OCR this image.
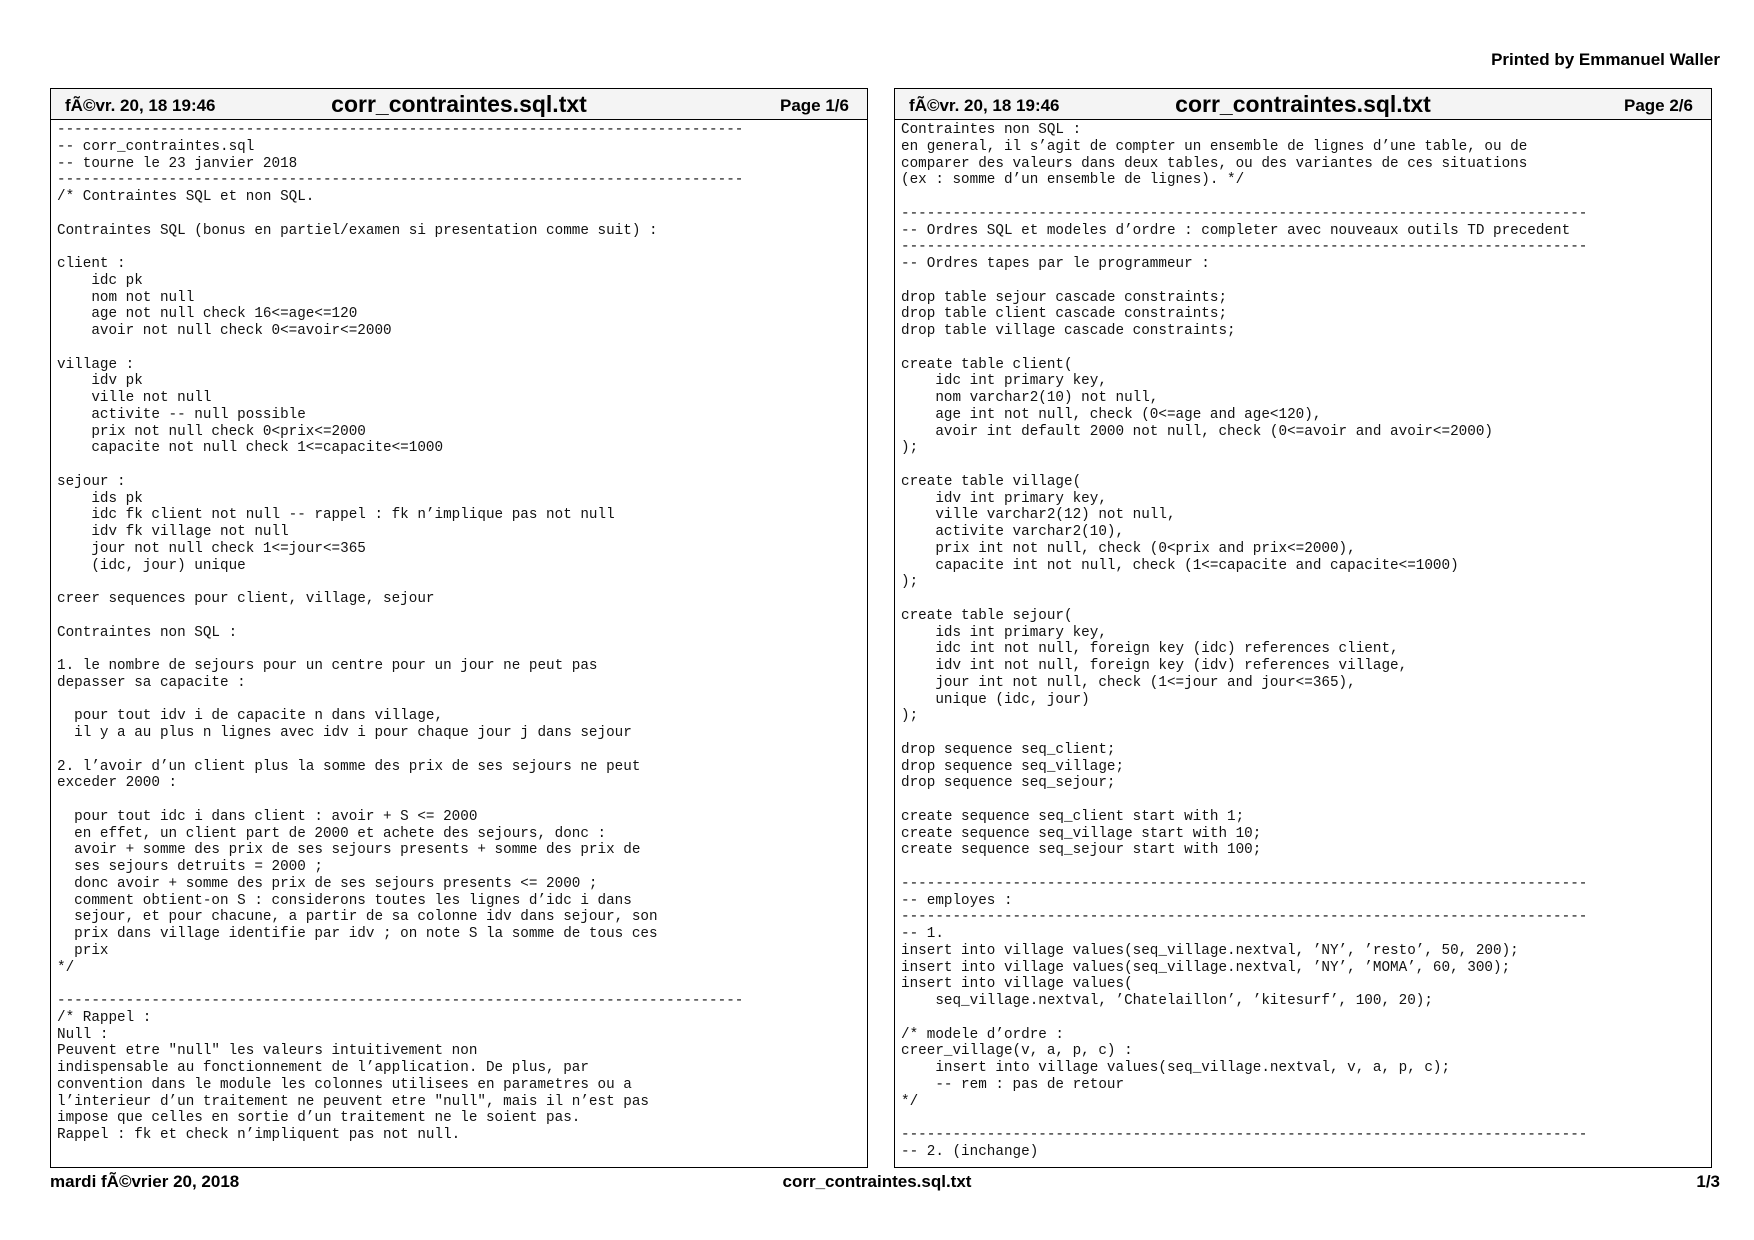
Printed by Emmanuel Waller
fÃ©vr. 20, 18 19:46	corr_contraintes.sql.txt	Page 1/6
--------------------------------------------------------------------------------
-- corr_contraintes.sql
-- tourne le 23 janvier 2018
--------------------------------------------------------------------------------
/* Contraintes SQL et non SQL.

Contraintes SQL (bonus en partiel/examen si presentation comme suit) :

client :
idc pk
nom not null
age not null check 16<=age<=120
avoir not null check 0<=avoir<=2000

village :
idv pk
ville not null
activite -- null possible
prix not null check 0<prix<=2000
capacite not null check 1<=capacite<=1000

sejour :
ids pk
idc fk client not null -- rappel : fk n’implique pas not null
idv fk village not null
jour not null check 1<=jour<=365
(idc, jour) unique

creer sequences pour client, village, sejour

Contraintes non SQL :

1. le nombre de sejours pour un centre pour un jour ne peut pas
depasser sa capacite :

pour tout idv i de capacite n dans village,
il y a au plus n lignes avec idv i pour chaque jour j dans sejour

2. l’avoir d’un client plus la somme des prix de ses sejours ne peut
exceder 2000 :

pour tout idc i dans client : avoir + S <= 2000
en effet, un client part de 2000 et achete des sejours, donc :
avoir + somme des prix de ses sejours presents + somme des prix de
ses sejours detruits = 2000 ;
donc avoir + somme des prix de ses sejours presents <= 2000 ;
comment obtient-on S : considerons toutes les lignes d’idc i dans
sejour, et pour chacune, a partir de sa colonne idv dans sejour, son
prix dans village identifie par idv ; on note S la somme de tous ces
prix
*/

--------------------------------------------------------------------------------
/* Rappel :
Null :
Peuvent etre "null" les valeurs intuitivement non
indispensable au fonctionnement de l’application. De plus, par
convention dans le module les colonnes utilisees en parametres ou a
l’interieur d’un traitement ne peuvent etre "null", mais il n’est pas
impose que celles en sortie d’un traitement ne le soient pas.
Rappel : fk et check n’impliquent pas not null.
fÃ©vr. 20, 18 19:46	corr_contraintes.sql.txt	Page 2/6
Contraintes non SQL :
en general, il s’agit de compter un ensemble de lignes d’une table, ou de
comparer des valeurs dans deux tables, ou des variantes de ces situations
(ex : somme d’un ensemble de lignes). */

--------------------------------------------------------------------------------
-- Ordres SQL et modeles d’ordre : completer avec nouveaux outils TD precedent
--------------------------------------------------------------------------------
-- Ordres tapes par le programmeur :

drop table sejour cascade constraints;
drop table client cascade constraints;
drop table village cascade constraints;

create table client(
idc int primary key,
nom varchar2(10) not null,
age int not null, check (0<=age and age<120),
avoir int default 2000 not null, check (0<=avoir and avoir<=2000)
);

create table village(
idv int primary key,
ville varchar2(12) not null,
activite varchar2(10),
prix int not null, check (0<prix and prix<=2000),
capacite int not null, check (1<=capacite and capacite<=1000)
);

create table sejour(
ids int primary key,
idc int not null, foreign key (idc) references client,
idv int not null, foreign key (idv) references village,
jour int not null, check (1<=jour and jour<=365),
unique (idc, jour)
);

drop sequence seq_client;
drop sequence seq_village;
drop sequence seq_sejour;

create sequence seq_client start with 1;
create sequence seq_village start with 10;
create sequence seq_sejour start with 100;

--------------------------------------------------------------------------------
-- employes :
--------------------------------------------------------------------------------
-- 1.
insert into village values(seq_village.nextval, ’NY’, ’resto’, 50, 200);
insert into village values(seq_village.nextval, ’NY’, ’MOMA’, 60, 300);
insert into village values(
seq_village.nextval, ’Chatelaillon’, ’kitesurf’, 100, 20);

/* modele d’ordre :
creer_village(v, a, p, c) :
insert into village values(seq_village.nextval, v, a, p, c);
-- rem : pas de retour
*/

--------------------------------------------------------------------------------
-- 2. (inchange)
mardi fÃ©vrier 20, 2018	corr_contraintes.sql.txt	1/3
